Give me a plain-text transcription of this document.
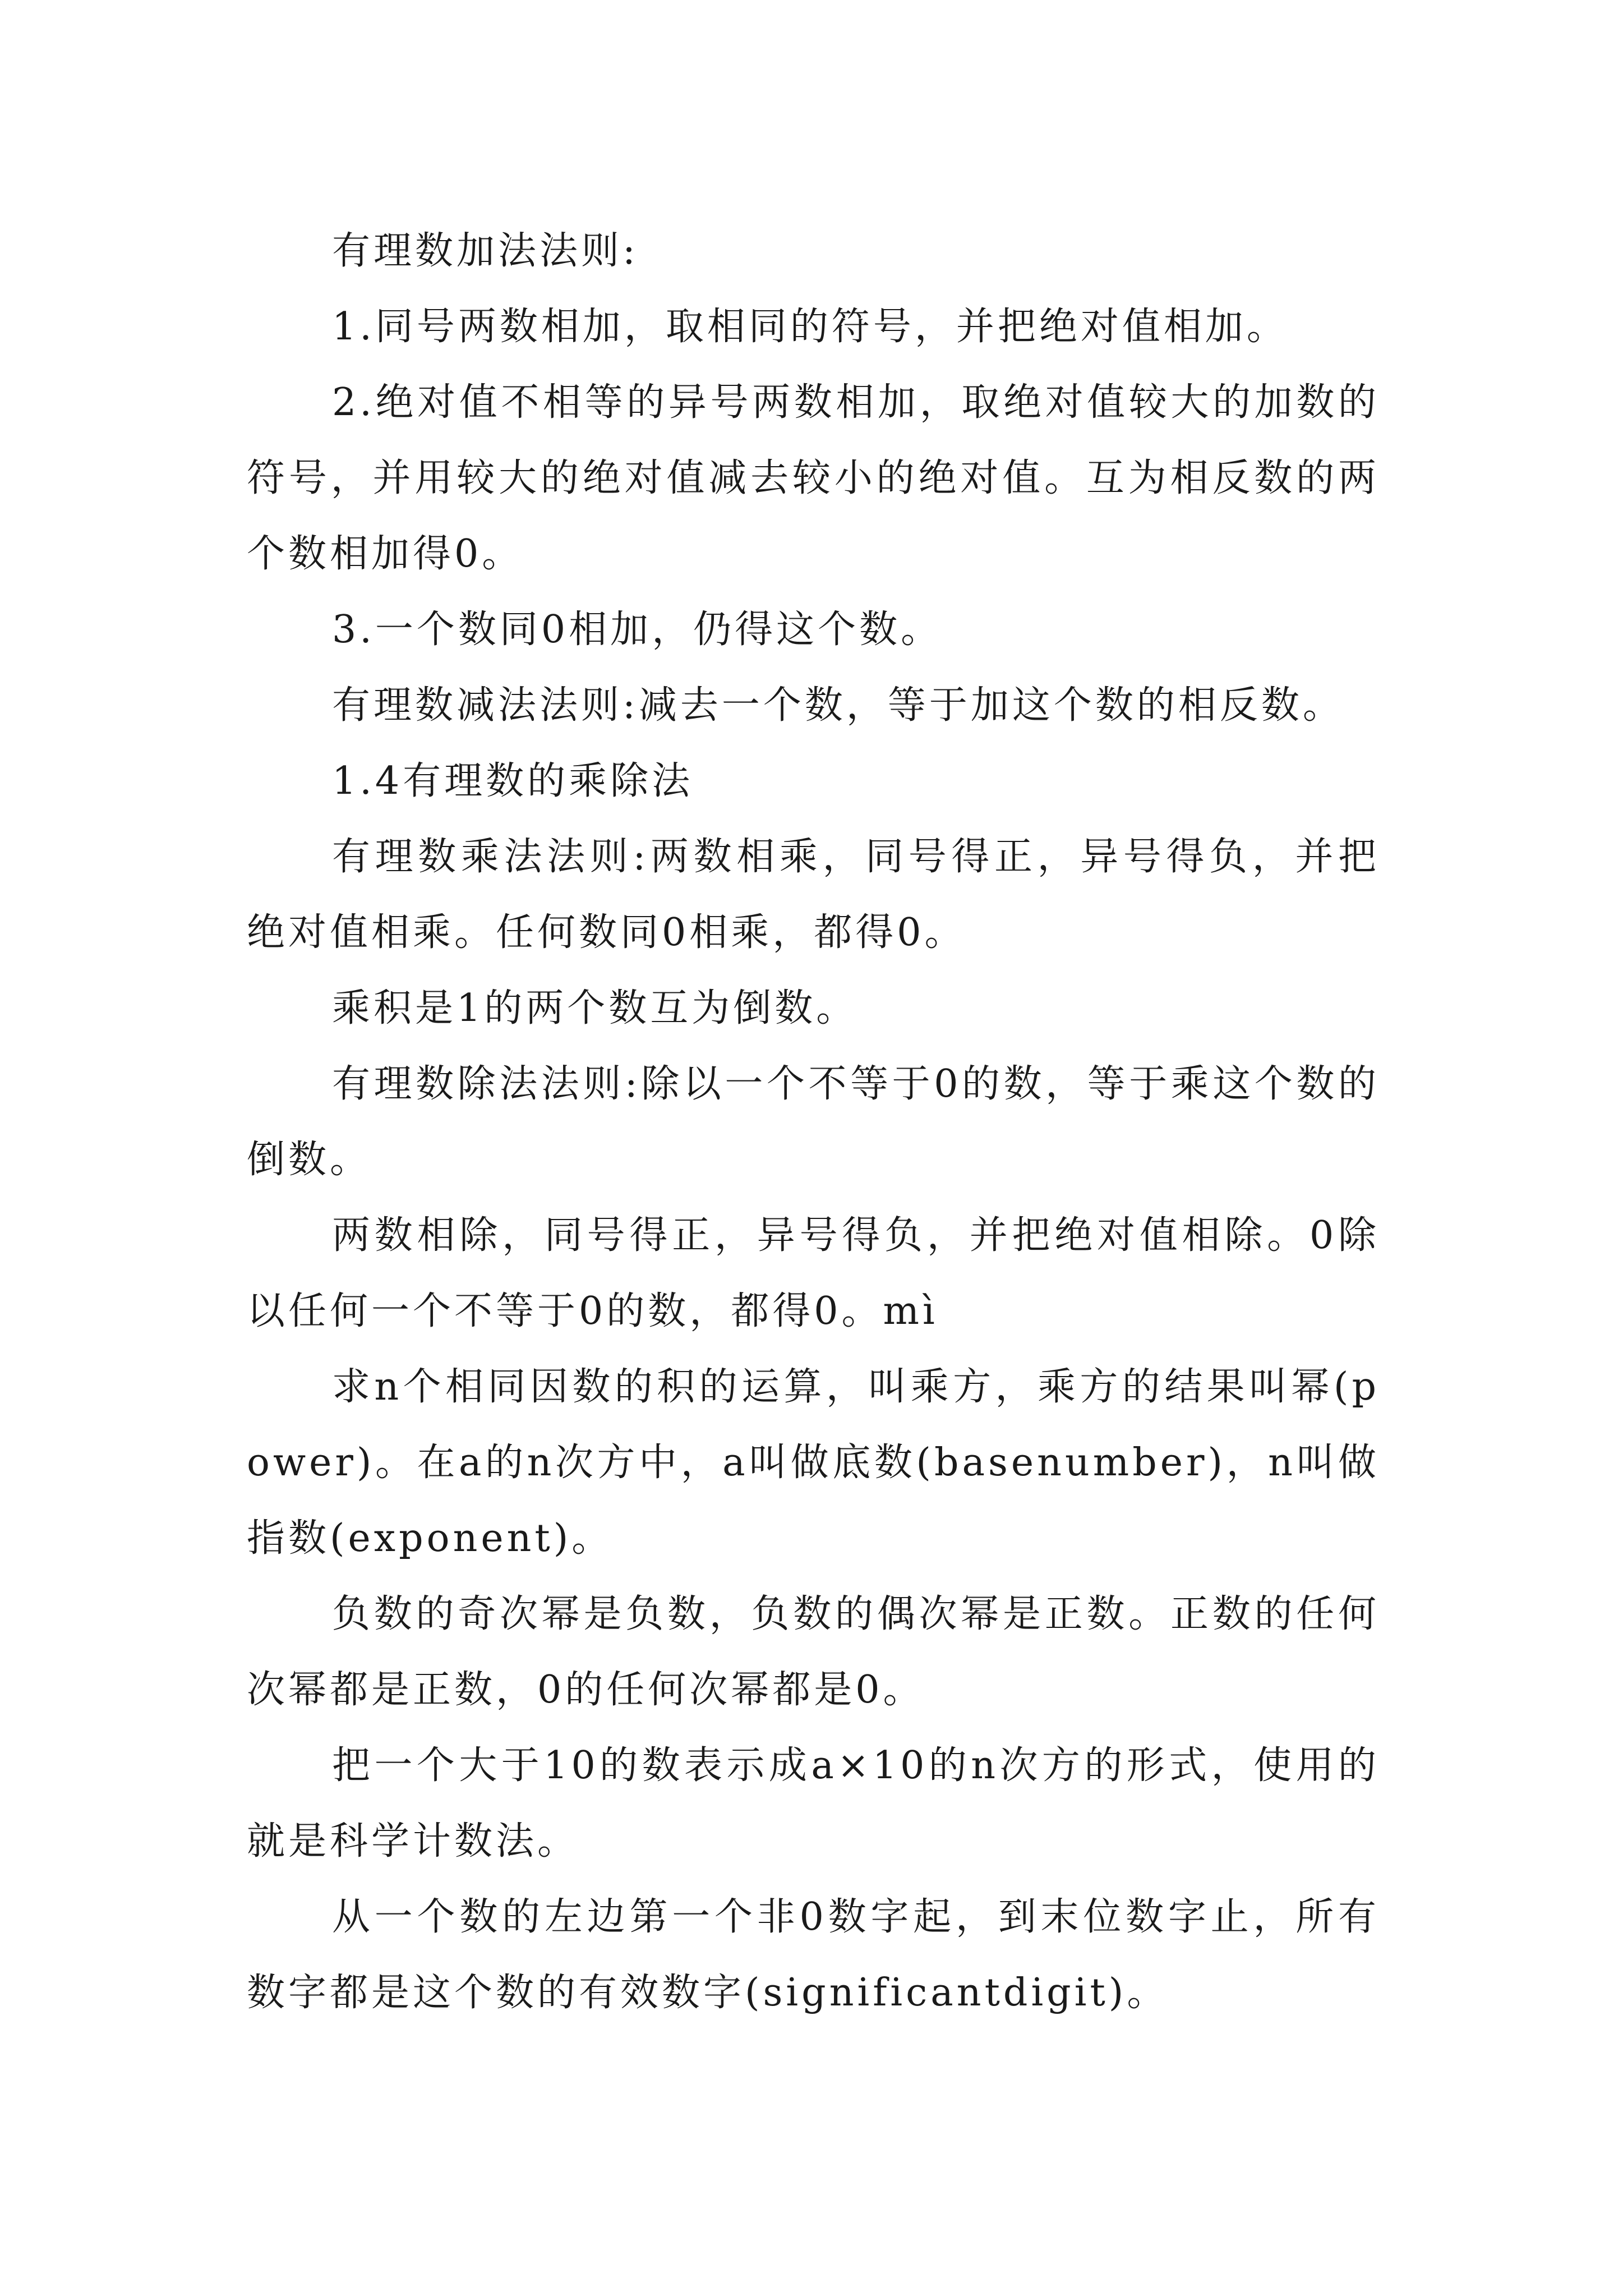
有理数加法法则:

1.同号两数相加，取相同的符号，并把绝对值相加。

2.绝对值不相等的异号两数相加，取绝对值较大的加数的符号，并用较大的绝对值减去较小的绝对值。互为相反数的两个数相加得0。

3.一个数同0相加，仍得这个数。

有理数减法法则:减去一个数，等于加这个数的相反数。

1.4有理数的乘除法

有理数乘法法则:两数相乘，同号得正，异号得负，并把绝对值相乘。任何数同0相乘，都得0。

乘积是1的两个数互为倒数。

有理数除法法则:除以一个不等于0的数，等于乘这个数的倒数。

两数相除，同号得正，异号得负，并把绝对值相除。0除以任何一个不等于0的数，都得0。mì

求n个相同因数的积的运算，叫乘方，乘方的结果叫幂(power)。在a的n次方中，a叫做底数(basenumber)，n叫做指数(exponent)。

负数的奇次幂是负数，负数的偶次幂是正数。正数的任何次幂都是正数，0的任何次幂都是0。

把一个大于10的数表示成a×10的n次方的形式，使用的就是科学计数法。

从一个数的左边第一个非0数字起，到末位数字止，所有数字都是这个数的有效数字(significantdigit)。
